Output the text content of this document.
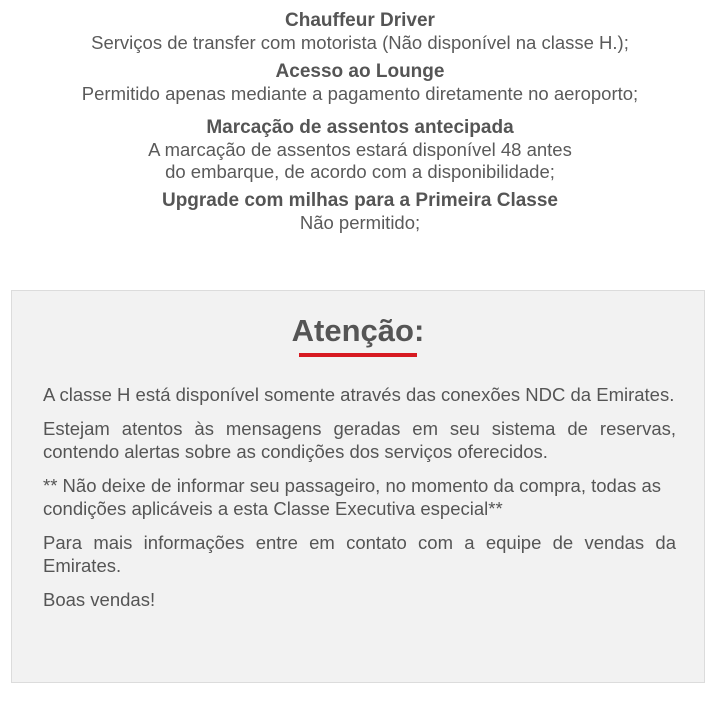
Chauffeur Driver
Serviços de transfer com motorista (Não disponível na classe H.);
Acesso ao Lounge
Permitido apenas mediante a pagamento diretamente no aeroporto;
Marcação de assentos antecipada
A marcação de assentos estará disponível 48 antes
do embarque, de acordo com a disponibilidade;
Upgrade com milhas para a Primeira Classe
Não permitido;
Atenção:

A classe H está disponível somente através das conexões NDC da Emirates.

Estejam atentos às mensagens geradas em seu sistema de reservas, contendo alertas sobre as condições dos serviços oferecidos.

** Não deixe de informar seu passageiro, no momento da compra, todas as condições aplicáveis a esta Classe Executiva especial**

Para mais informações entre em contato com a equipe de vendas da Emirates.

Boas vendas!
